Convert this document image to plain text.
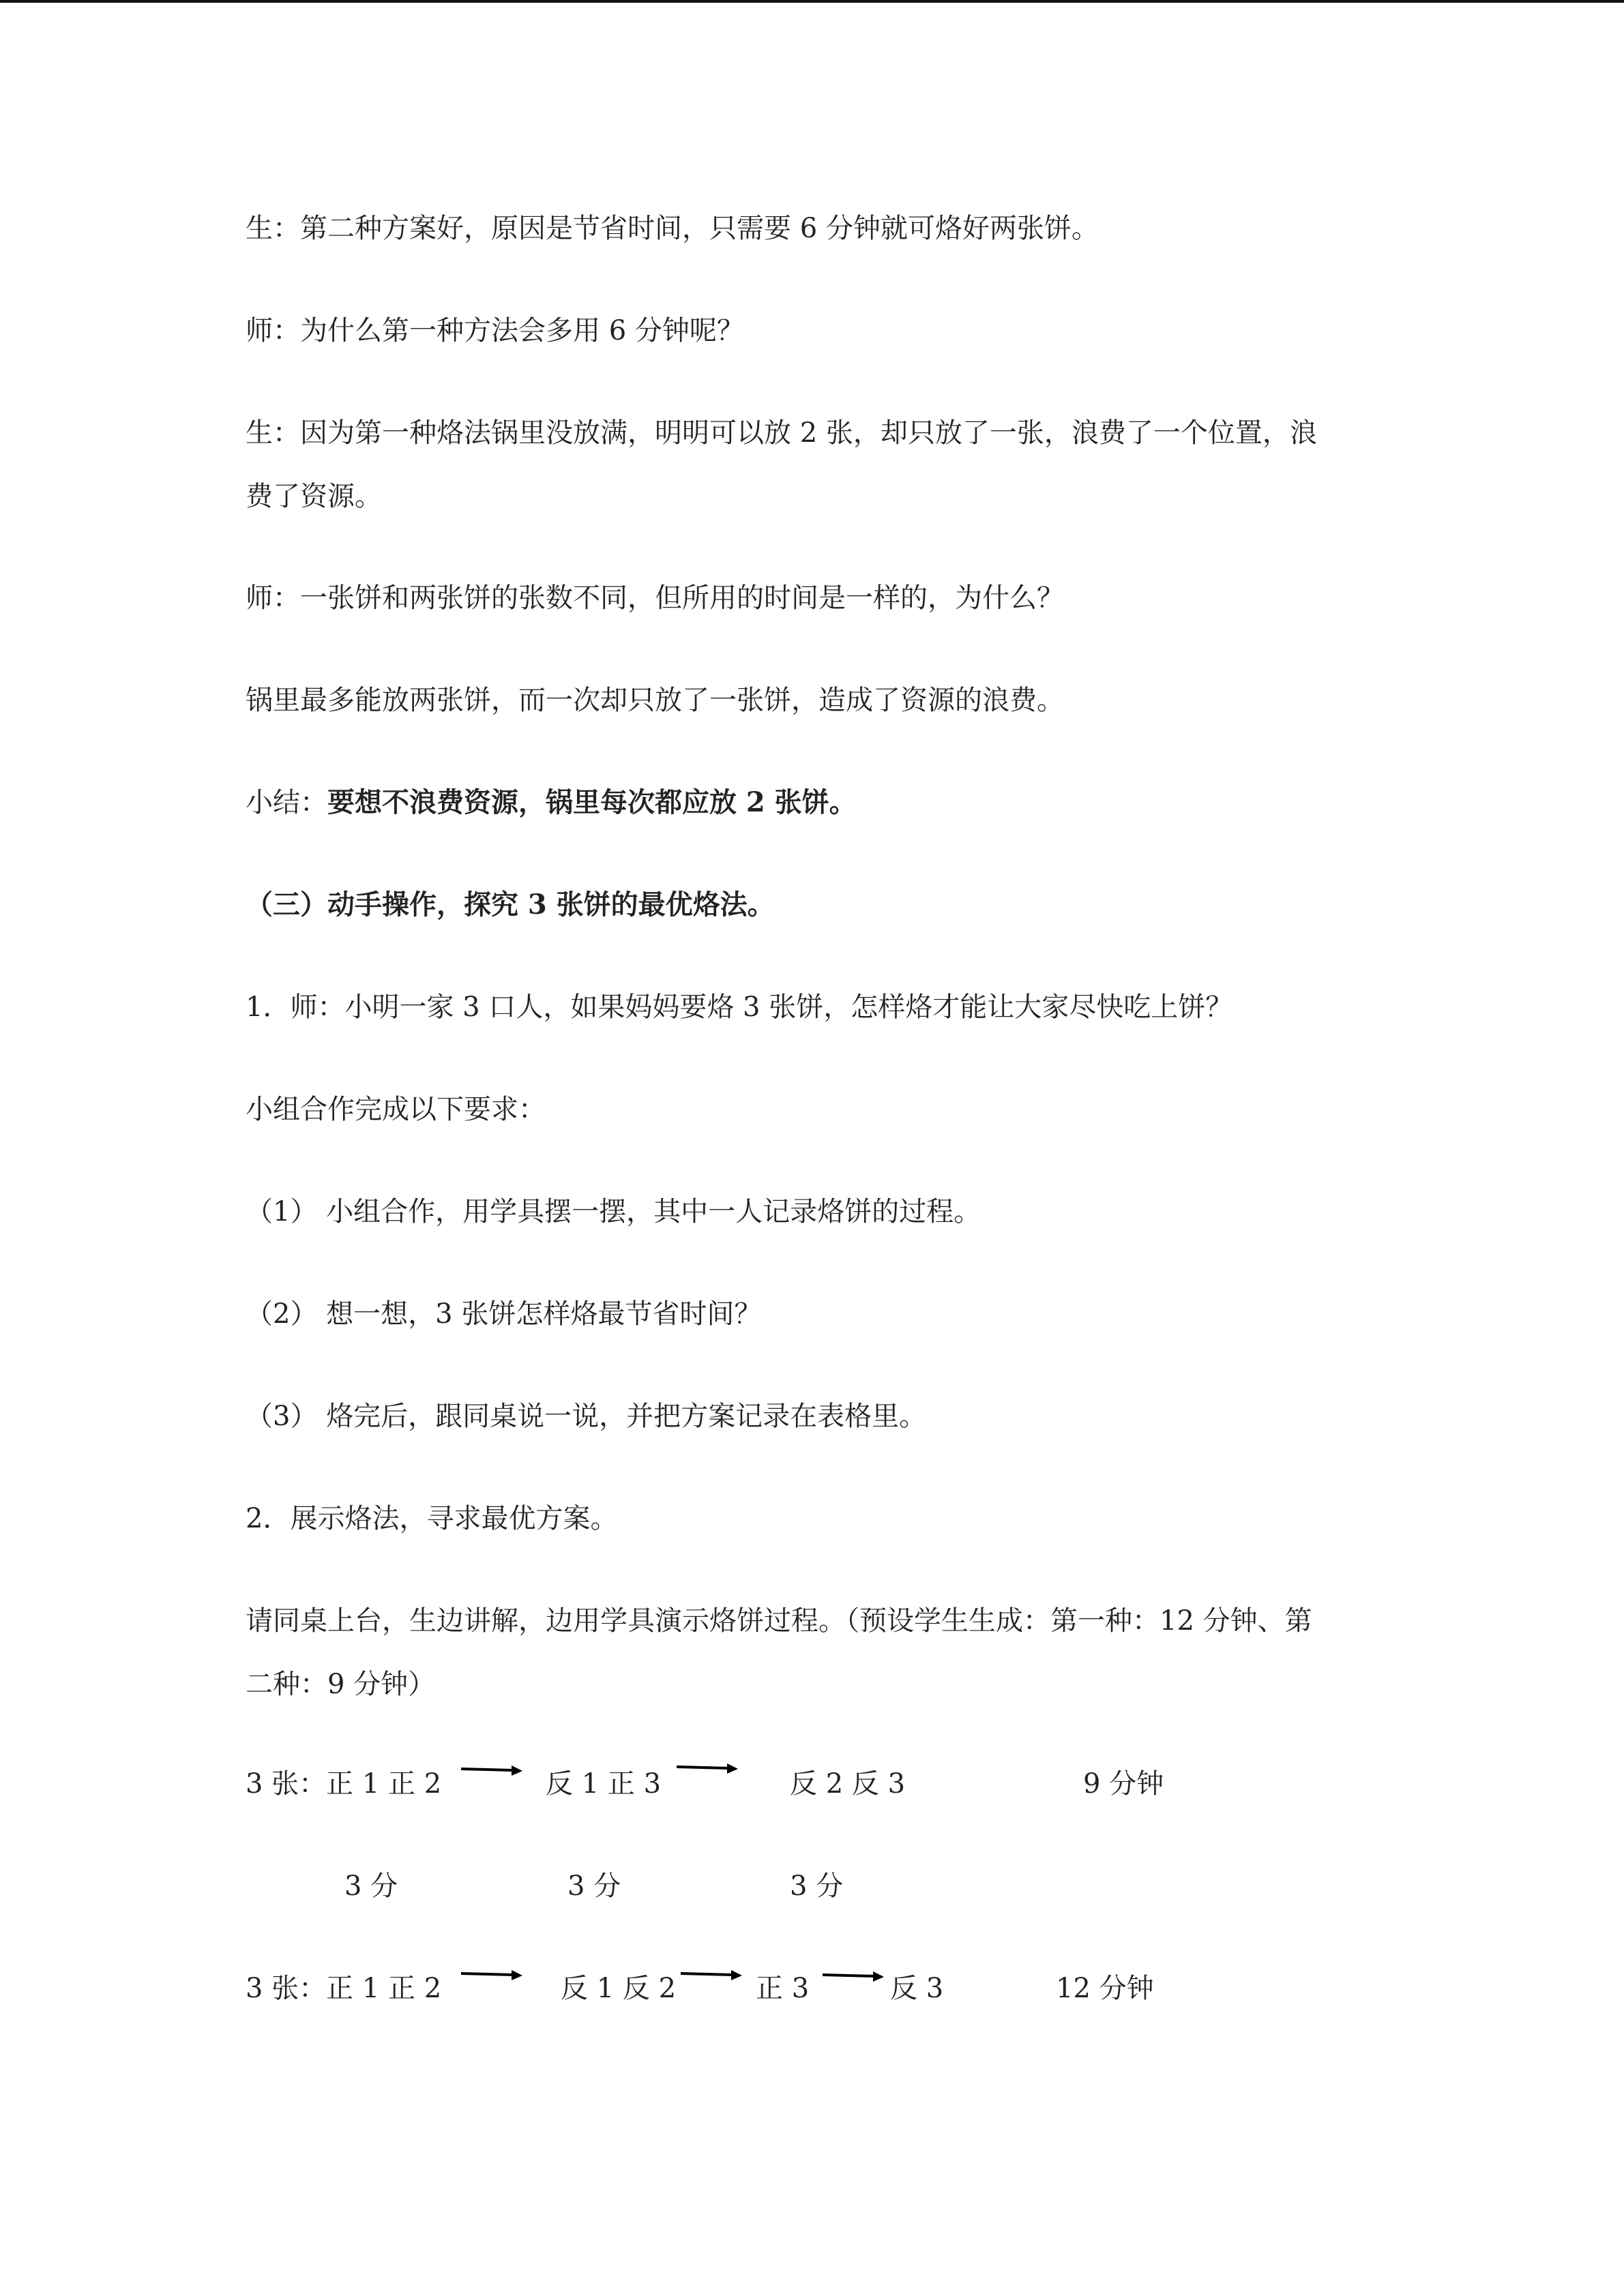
生：第二种方案好，原因是节省时间，只需要 6 分钟就可烙好两张饼。
师：为什么第一种方法会多用 6 分钟呢？
生：因为第一种烙法锅里没放满，明明可以放 2 张，却只放了一张，浪费了一个位置，浪
费了资源。
师：一张饼和两张饼的张数不同，但所用的时间是一样的，为什么？
锅里最多能放两张饼，而一次却只放了一张饼，造成了资源的浪费。
小结：要想不浪费资源，锅里每次都应放 2 张饼。
（三）动手操作，探究 3 张饼的最优烙法。
1．师：小明一家 3 口人，如果妈妈要烙 3 张饼，怎样烙才能让大家尽快吃上饼？
小组合作完成以下要求：
（1） 小组合作，用学具摆一摆，其中一人记录烙饼的过程。
（2） 想一想，3 张饼怎样烙最节省时间？
（3） 烙完后，跟同桌说一说，并把方案记录在表格里。
2．展示烙法，寻求最优方案。
请同桌上台，生边讲解，边用学具演示烙饼过程。（预设学生生成：第一种：12 分钟、第
二种：9 分钟）
3 张：正 1 正 2	反 1 正 3	反 2 反 3	9 分钟
3 分	3 分	3 分
3 张：正 1 正 2	反 1 反 2	正 3	反 3	12 分钟
